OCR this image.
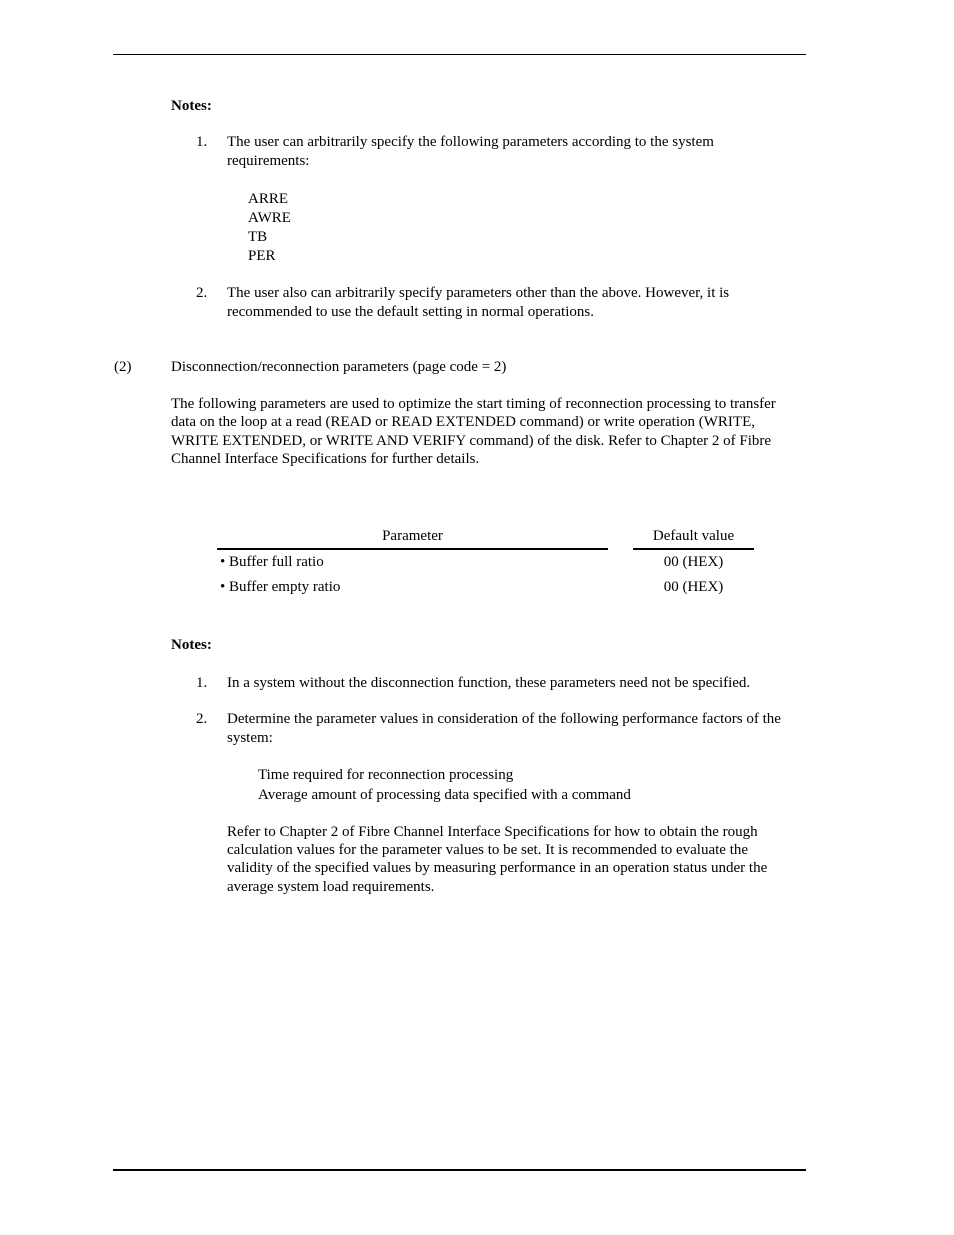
Notes:
1. The user can arbitrarily specify the following parameters according to the system
requirements:
ARRE
AWRE
TB
PER
2. The user also can arbitrarily specify parameters other than the above. However, it is
recommended to use the default setting in normal operations.
(2)	Disconnection/reconnection parameters (page code = 2)
The following parameters are used to optimize the start timing of reconnection processing to transfer
data on the loop at a read (READ or READ EXTENDED command) or write operation (WRITE,
WRITE EXTENDED, or WRITE AND VERIFY command) of the disk. Refer to Chapter 2 of Fibre
Channel Interface Specifications for further details.
Parameter	Default value
• Buffer full ratio	00 (HEX)
• Buffer empty ratio	00 (HEX)
Notes:
1. In a system without the disconnection function, these parameters need not be specified.
2. Determine the parameter values in consideration of the following performance factors of the
system:
Time required for reconnection processing
Average amount of processing data specified with a command
Refer to Chapter 2 of Fibre Channel Interface Specifications for how to obtain the rough
calculation values for the parameter values to be set. It is recommended to evaluate the
validity of the specified values by measuring performance in an operation status under the
average system load requirements.
